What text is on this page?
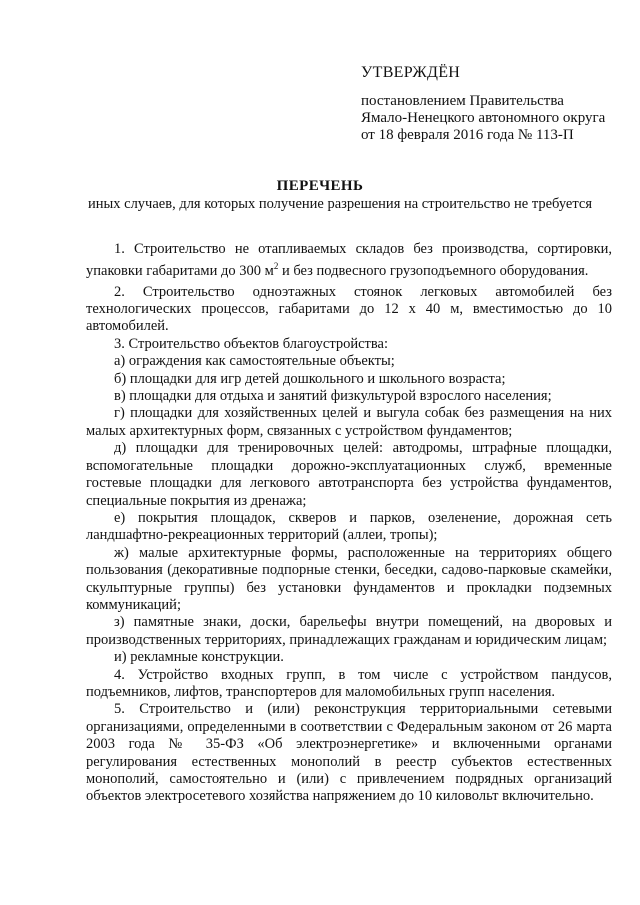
УТВЕРЖДЁН
постановлением Правительства
Ямало-Ненецкого автономного округа
от 18 февраля 2016 года № 113-П
ПЕРЕЧЕНЬ
иных случаев, для которых получение разрешения на строительство не требуется

1. Строительство не отапливаемых складов без производства, сортировки, упаковки габаритами до 300 $м^2$ и без подвесного грузоподъемного оборудования.

2. Строительство одноэтажных стоянок легковых автомобилей без технологических процессов, габаритами до 12 х 40 м, вместимостью до 10 автомобилей.

3. Строительство объектов благоустройства:

а) ограждения как самостоятельные объекты;

б) площадки для игр детей дошкольного и школьного возраста;

в) площадки для отдыха и занятий физкультурой взрослого населения;

г) площадки для хозяйственных целей и выгула собак без размещения на них малых архитектурных форм, связанных с устройством фундаментов;

д) площадки для тренировочных целей: автодромы, штрафные площадки, вспомогательные площадки дорожно-эксплуатационных служб, временные гостевые площадки для легкового автотранспорта без устройства фундаментов, специальные покрытия из дренажа;

е) покрытия площадок, скверов и парков, озеленение, дорожная сеть ландшафтно-рекреационных территорий (аллеи, тропы);

ж) малые архитектурные формы, расположенные на территориях общего пользования (декоративные подпорные стенки, беседки, садово-парковые скамейки, скульптурные группы) без установки фундаментов и прокладки подземных коммуникаций;

з) памятные знаки, доски, барельефы внутри помещений, на дворовых и производственных территориях, принадлежащих гражданам и юридическим лицам;

и) рекламные конструкции.

4. Устройство входных групп, в том числе с устройством пандусов, подъемников, лифтов, транспортеров для маломобильных групп населения.

5. Строительство и (или) реконструкция территориальными сетевыми организациями, определенными в соответствии с Федеральным законом от 26 марта 2003 года № 35-ФЗ «Об электроэнергетике» и включенными органами регулирования естественных монополий в реестр субъектов естественных монополий, самостоятельно и (или) с привлечением подрядных организаций объектов электросетевого хозяйства напряжением до 10 киловольт включительно.
